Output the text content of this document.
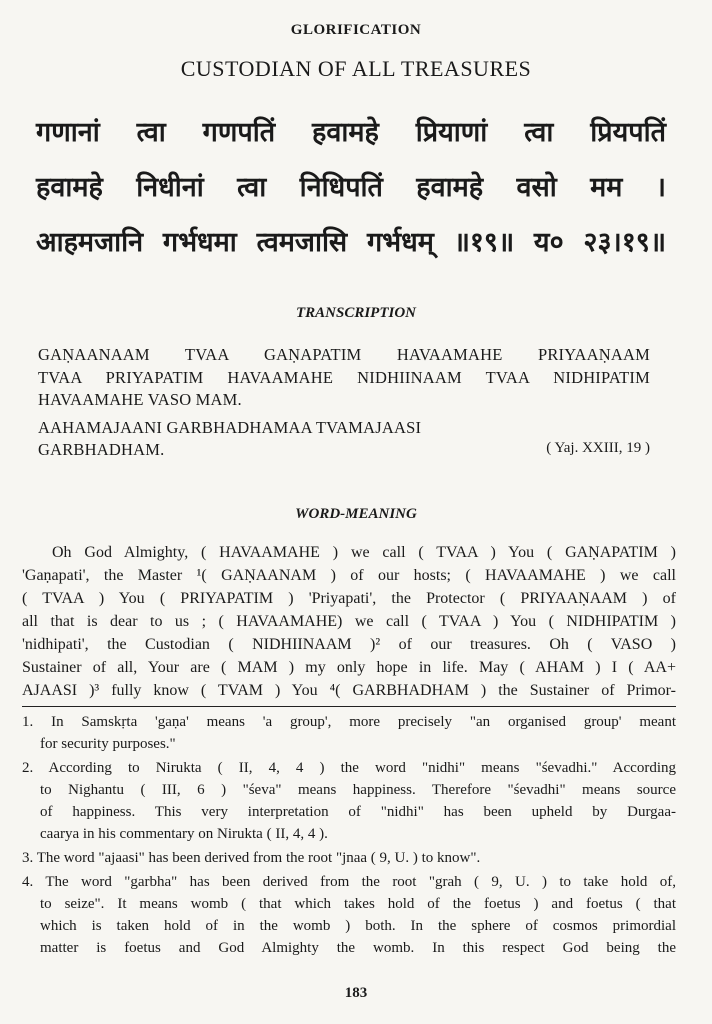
GLORIFICATION
CUSTODIAN OF ALL TREASURES
गणानां त्वा गणपतिं हवामहे प्रियाणां त्वा प्रियपतिं
हवामहे निधीनां त्वा निधिपतिं हवामहे वसो मम ।
आहमजानि गर्भधमा त्वमजासि गर्भधम् ॥१९॥ य० २३।१९॥
TRANSCRIPTION
GAṆAANAAM TVAA GAṆAPATIM HAVAAMAHE PRIYAAṆAAM
TVAA PRIYAPATIM HAVAAMAHE NIDHIINAAM TVAA NIDHIPATIM
HAVAAMAHE VASO MAM.
AAHAMAJAANI GARBHADHAMAA TVAMAJAASI
GARBHADHAM.	( Yaj. XXIII, 19 )
WORD-MEANING
Oh God Almighty, ( HAVAAMAHE ) we call ( TVAA ) You ( GAṆAPATIM )
'Gaṇapati', the Master ¹( GAṆAANAM ) of our hosts; ( HAVAAMAHE ) we call
( TVAA ) You ( PRIYAPATIM ) 'Priyapati', the Protector ( PRIYAAṆAAM ) of
all that is dear to us ; ( HAVAAMAHE) we call ( TVAA ) You ( NIDHIPATIM )
'nidhipati', the Custodian ( NIDHIINAAM )² of our treasures. Oh ( VASO )
Sustainer of all, Your are ( MAM ) my only hope in life. May ( AHAM ) I ( AA+
AJAASI )³ fully know ( TVAM ) You ⁴( GARBHADHAM ) the Sustainer of Primor-
1. In Samskṛta 'gaṇa' means 'a group', more precisely "an organised group' meant
for security purposes."
2. According to Nirukta ( II, 4, 4 ) the word "nidhi" means "śevadhi." According
to Nighantu ( III, 6 ) "śeva" means happiness. Therefore "śevadhi" means source
of happiness. This very interpretation of "nidhi" has been upheld by Durgaa-
caarya in his commentary on Nirukta ( II, 4, 4 ).
3. The word "ajaasi" has been derived from the root "jnaa ( 9, U. ) to know".
4. The word "garbha" has been derived from the root "grah ( 9, U. ) to take hold of,
to seize". It means womb ( that which takes hold of the foetus ) and foetus ( that
which is taken hold of in the womb ) both. In the sphere of cosmos primordial
matter is foetus and God Almighty the womb. In this respect God being the
183
